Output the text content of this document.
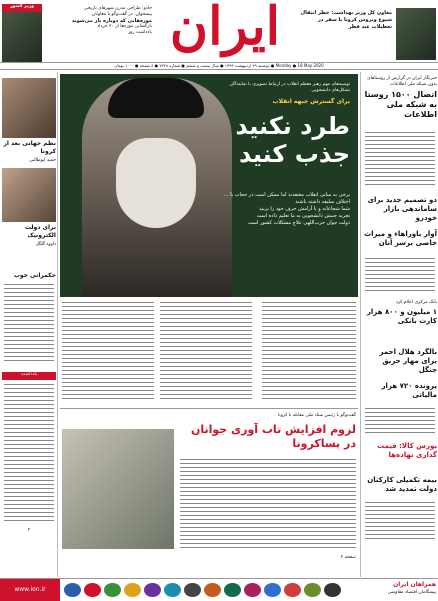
وزیر کشور	جادو: طراحی مدرن شهرهای تاریخی
پیشخوان: در گفت‌وگو با معاونان
موزه‌هایی که دوباره باز می‌شوند
بازگشایی موزه‌ها از ۲۰ خرداد
یادداشت روز ایران	معاون کل وزیر بهداشت: خطر انتقال شیوع ویروس کرونا با سفر در تعطیلات عید فطر
Monday ● 18 May 2020 ● دوشنبه ۲۹ اردیبهشت ۱۳۹۹ ● سال بیست و ششم ● شماره ۷۳۴۸ ● ۸ صفحه ● ۱۰۰۰ تومان
نظم جهانی بعد از کرونا
حمید ابوطالبی
برای دولت الکترونیک
داوود گلگل
حکمرانی خوب
یادداشت
۳
توصیه‌های مهم رهبر معظم انقلاب در ارتباط تصویری با نمایندگان تشکل‌های دانشجویی
برای گسترش جبهه انقلاب
طرد نکنید
جذب کنید
برخی به مبانی انقلاب معتقدند اما ممکن است در حجاب یا ... اختلاف سلیقه داشته باشند
شما شجاعانه و با آرامش حرف خود را بزنید
تجربه جنبش دانشجویی به ما تعلیم داده است
دولت جوان حزب‌اللهی علاج مشکلات کشور است
گفت‌وگو با رئیس ستاد ملی مقابله با کرونا
لزوم افزایش تاب آوری جوانان
در پساکرونا
صفحه ۲
خبرنگار ایران در گزارش از روستاهای بدون شبکه ملی اطلاعات
اتصال ۱۵۰۰ روستا به شبکه ملی اطلاعات
دو تصمیم جدید برای ساماندهی بازار خودرو
آوار باوراهاء و میراث خاصی برسر آنان
بانک مرکزی اعلام کرد
۱ میلیون و ۸۰۰ هزار کارت بانکی
بالگرد هلال احمر برای مهار حریق جنگل
پرونده ۷۲۰ هزار مالیاتی
بورس کالا: قیمت گذاری نهاده‌ها
بیمه تکمیلی کارکنان دولت تمدید شد
www.ion.ir
همراهان ایران
پیشگامان اقتصاد مقاومتی
